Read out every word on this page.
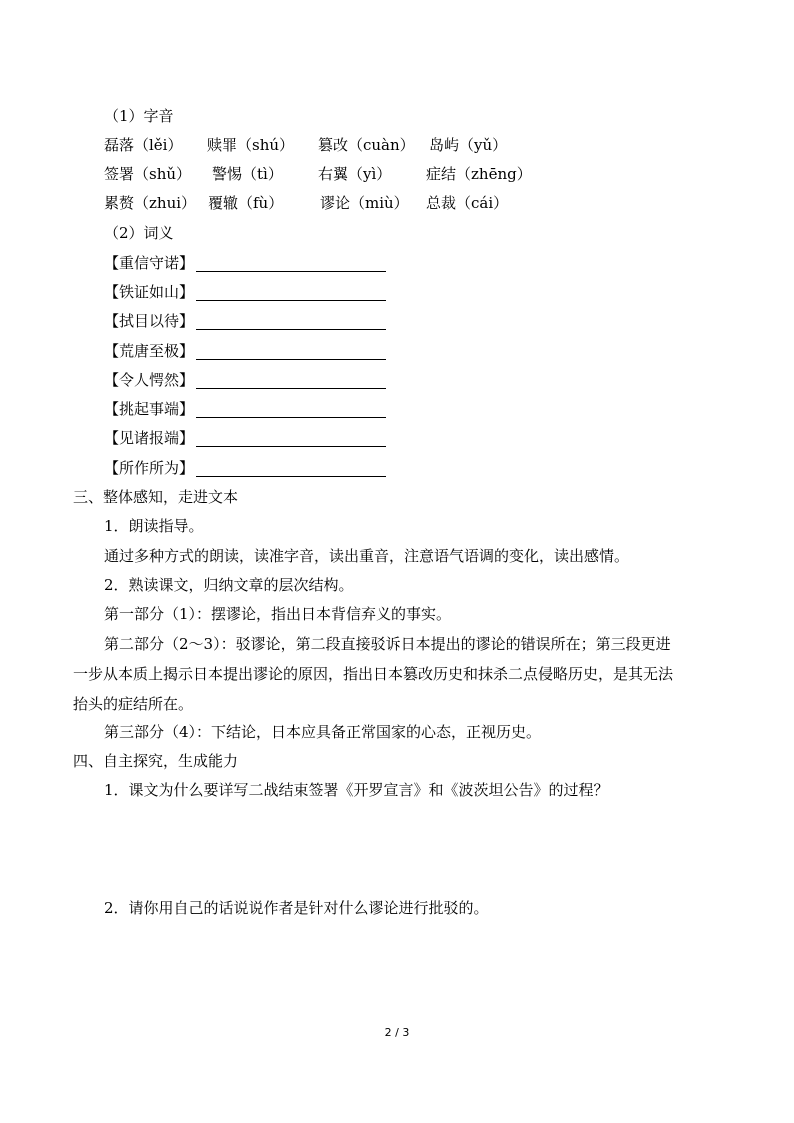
（1）字音
磊落（lěi） 赎罪（shú） 篡改（cuàn） 岛屿（yǔ）
签署（shǔ） 警惕（tì） 右翼（yì） 症结（zhēng）
累赘（zhui） 覆辙（fù） 谬论（miù） 总裁（cái）
（2）词义
【重信守诺】
【铁证如山】
【拭目以待】
【荒唐至极】
【令人愕然】
【挑起事端】
【见诸报端】
【所作所为】
三、整体感知，走进文本
1．朗读指导。
通过多种方式的朗读，读准字音，读出重音，注意语气语调的变化，读出感情。
2．熟读课文，归纳文章的层次结构。
第一部分（1）：摆谬论，指出日本背信弃义的事实。
第二部分（2～3）：驳谬论，第二段直接驳诉日本提出的谬论的错误所在；第三段更进一步从本质上揭示日本提出谬论的原因，指出日本篡改历史和抹杀二点侵略历史，是其无法抬头的症结所在。
第三部分（4）：下结论，日本应具备正常国家的心态，正视历史。
四、自主探究，生成能力
1．课文为什么要详写二战结束签署《开罗宣言》和《波茨坦公告》的过程？
2．请你用自己的话说说作者是针对什么谬论进行批驳的。
2 / 3
